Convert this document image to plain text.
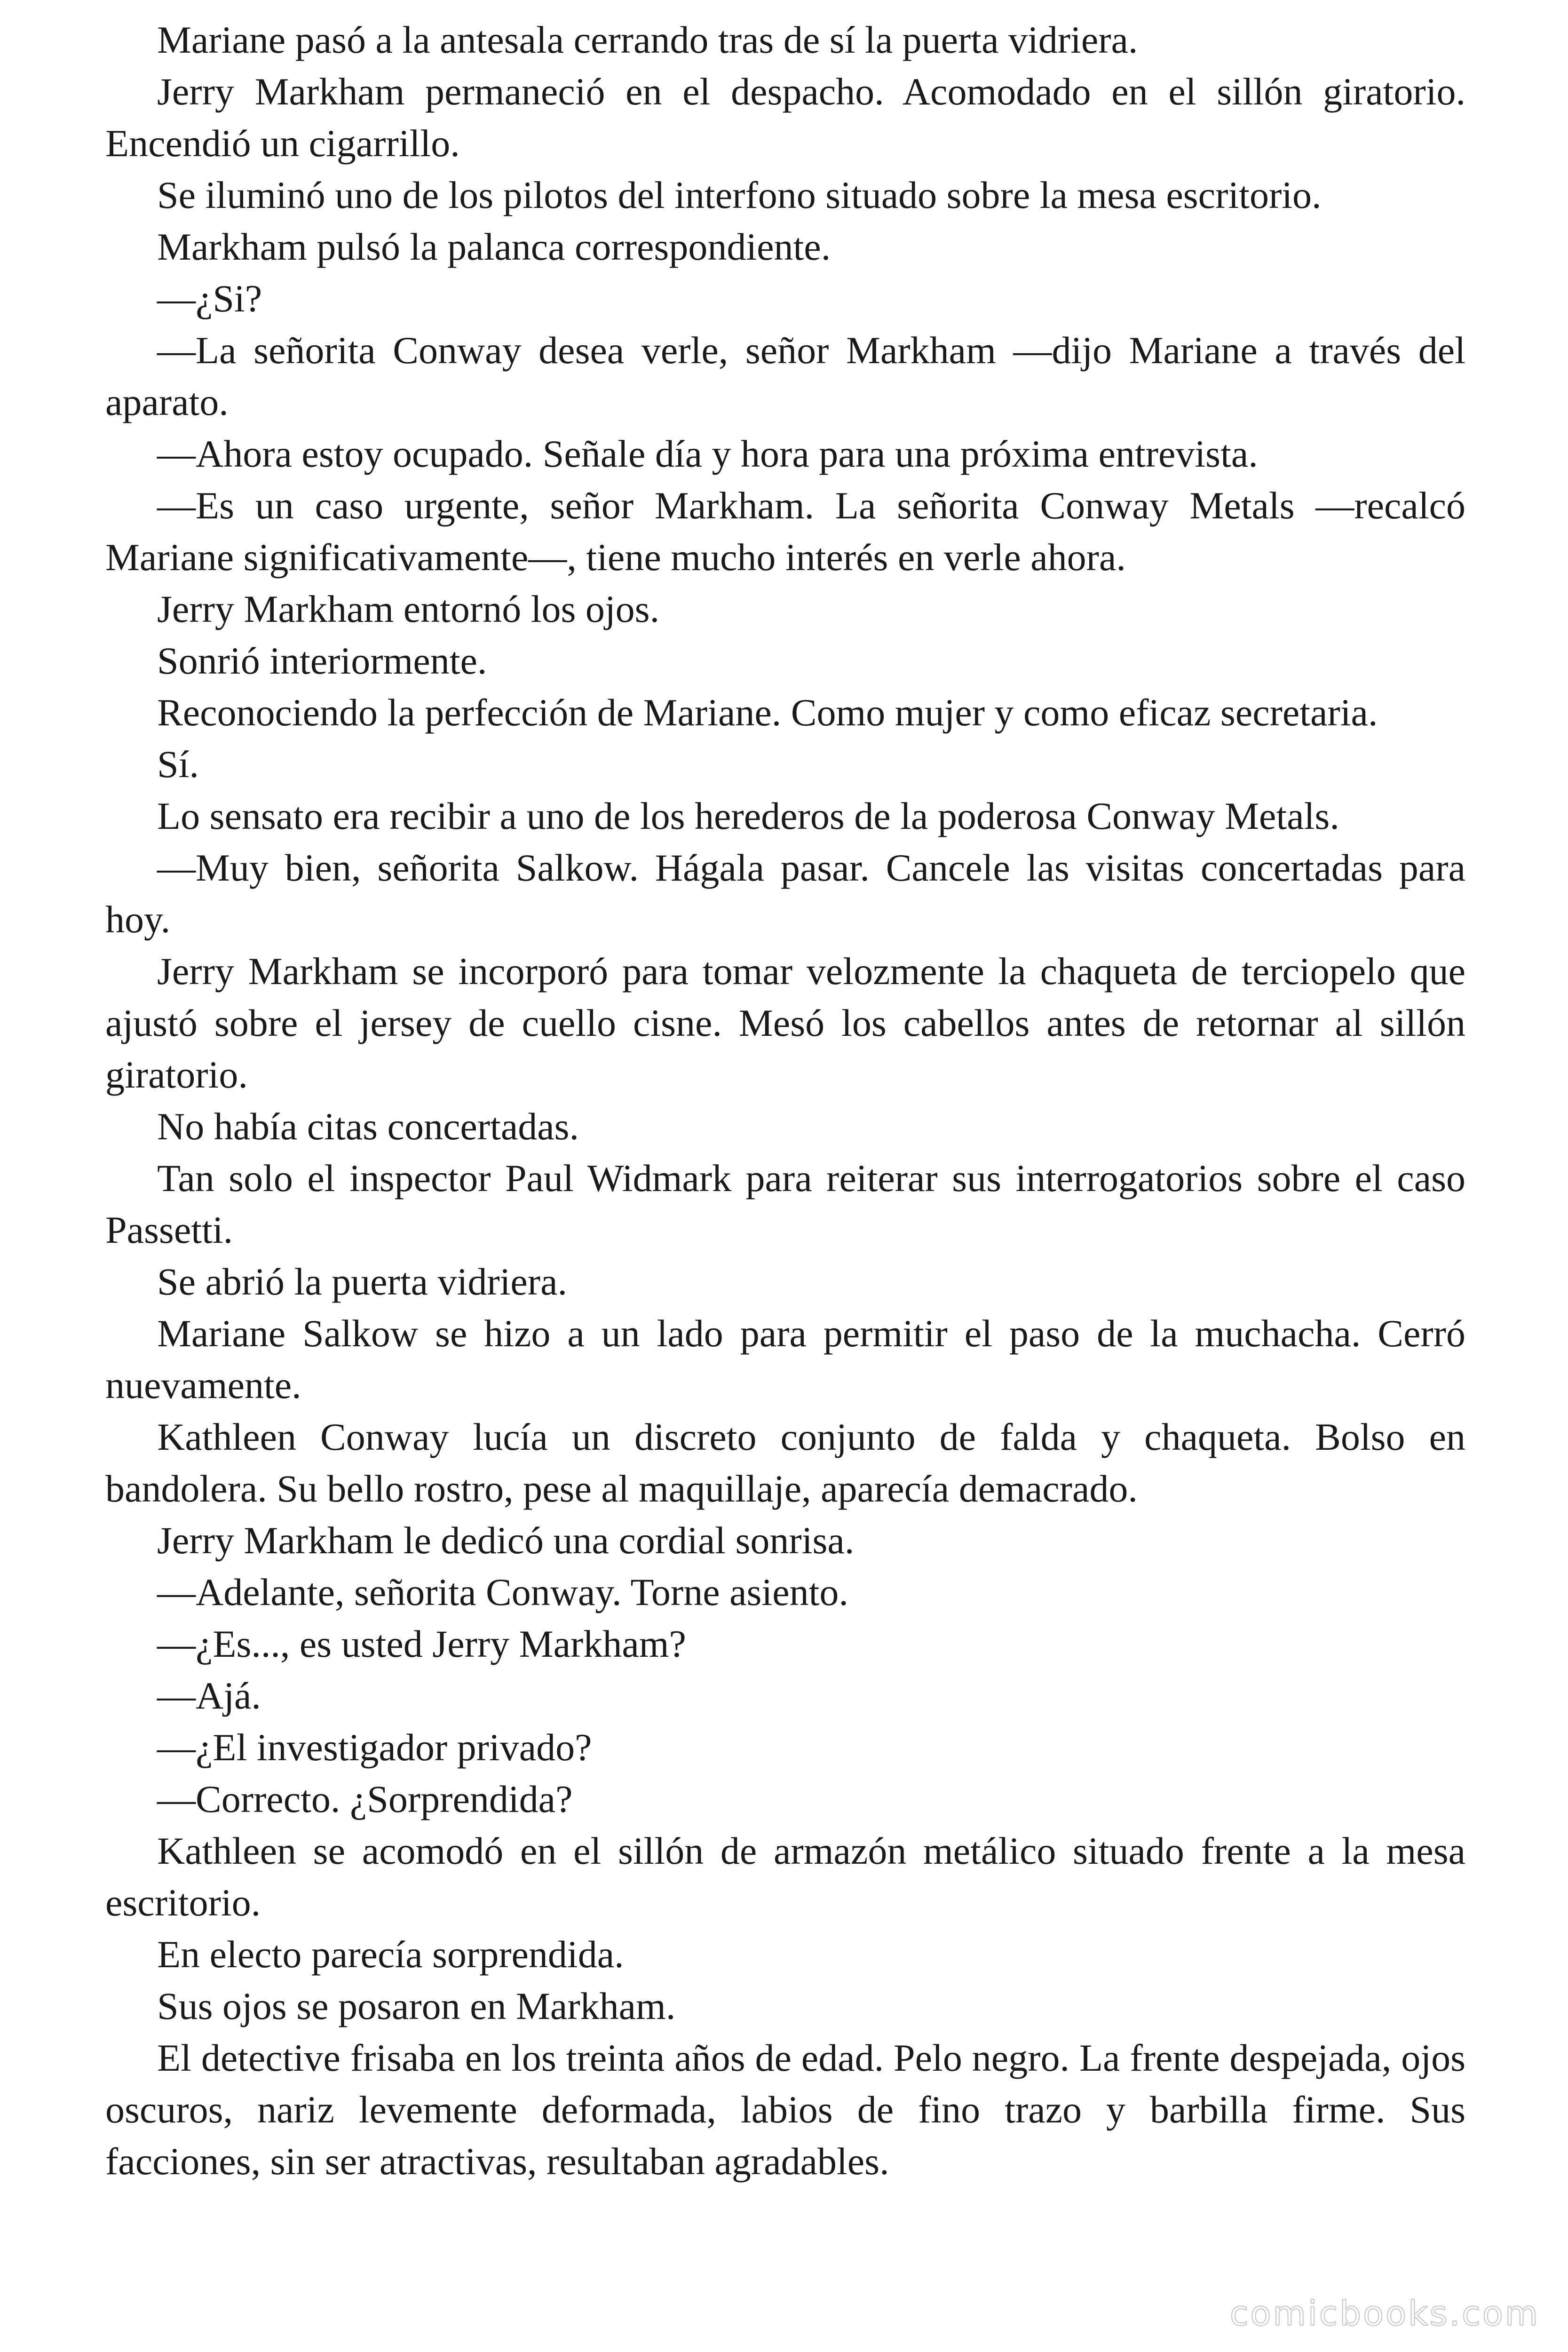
Mariane pasó a la antesala cerrando tras de sí la puerta vidriera.

Jerry Markham permaneció en el despacho. Acomodado en el sillón giratorio. Encendió un cigarrillo.

Se iluminó uno de los pilotos del interfono situado sobre la mesa escritorio.

Markham pulsó la palanca correspondiente.

—¿Si?

—La señorita Conway desea verle, señor Markham —dijo Mariane a través del aparato.

—Ahora estoy ocupado. Señale día y hora para una próxima entrevista.

—Es un caso urgente, señor Markham. La señorita Conway Metals —recalcó Mariane significativamente—, tiene mucho interés en verle ahora.

Jerry Markham entornó los ojos.

Sonrió interiormente.

Reconociendo la perfección de Mariane. Como mujer y como eficaz secretaria.

Sí.

Lo sensato era recibir a uno de los herederos de la poderosa Conway Metals.

—Muy bien, señorita Salkow. Hágala pasar. Cancele las visitas concertadas para hoy.

Jerry Markham se incorporó para tomar velozmente la chaqueta de terciopelo que ajustó sobre el jersey de cuello cisne. Mesó los cabellos antes de retornar al sillón giratorio.

No había citas concertadas.

Tan solo el inspector Paul Widmark para reiterar sus interrogatorios sobre el caso Passetti.

Se abrió la puerta vidriera.

Mariane Salkow se hizo a un lado para permitir el paso de la muchacha. Cerró nuevamente.

Kathleen Conway lucía un discreto conjunto de falda y chaqueta. Bolso en bandolera. Su bello rostro, pese al maquillaje, aparecía demacrado.

Jerry Markham le dedicó una cordial sonrisa.

—Adelante, señorita Conway. Torne asiento.

—¿Es..., es usted Jerry Markham?

—Ajá.

—¿El investigador privado?

—Correcto. ¿Sorprendida?

Kathleen se acomodó en el sillón de armazón metálico situado frente a la mesa escritorio.

En electo parecía sorprendida.

Sus ojos se posaron en Markham.

El detective frisaba en los treinta años de edad. Pelo negro. La frente despejada, ojos oscuros, nariz levemente deformada, labios de fino trazo y barbilla firme. Sus facciones, sin ser atractivas, resultaban agradables.

comicbooks.com
